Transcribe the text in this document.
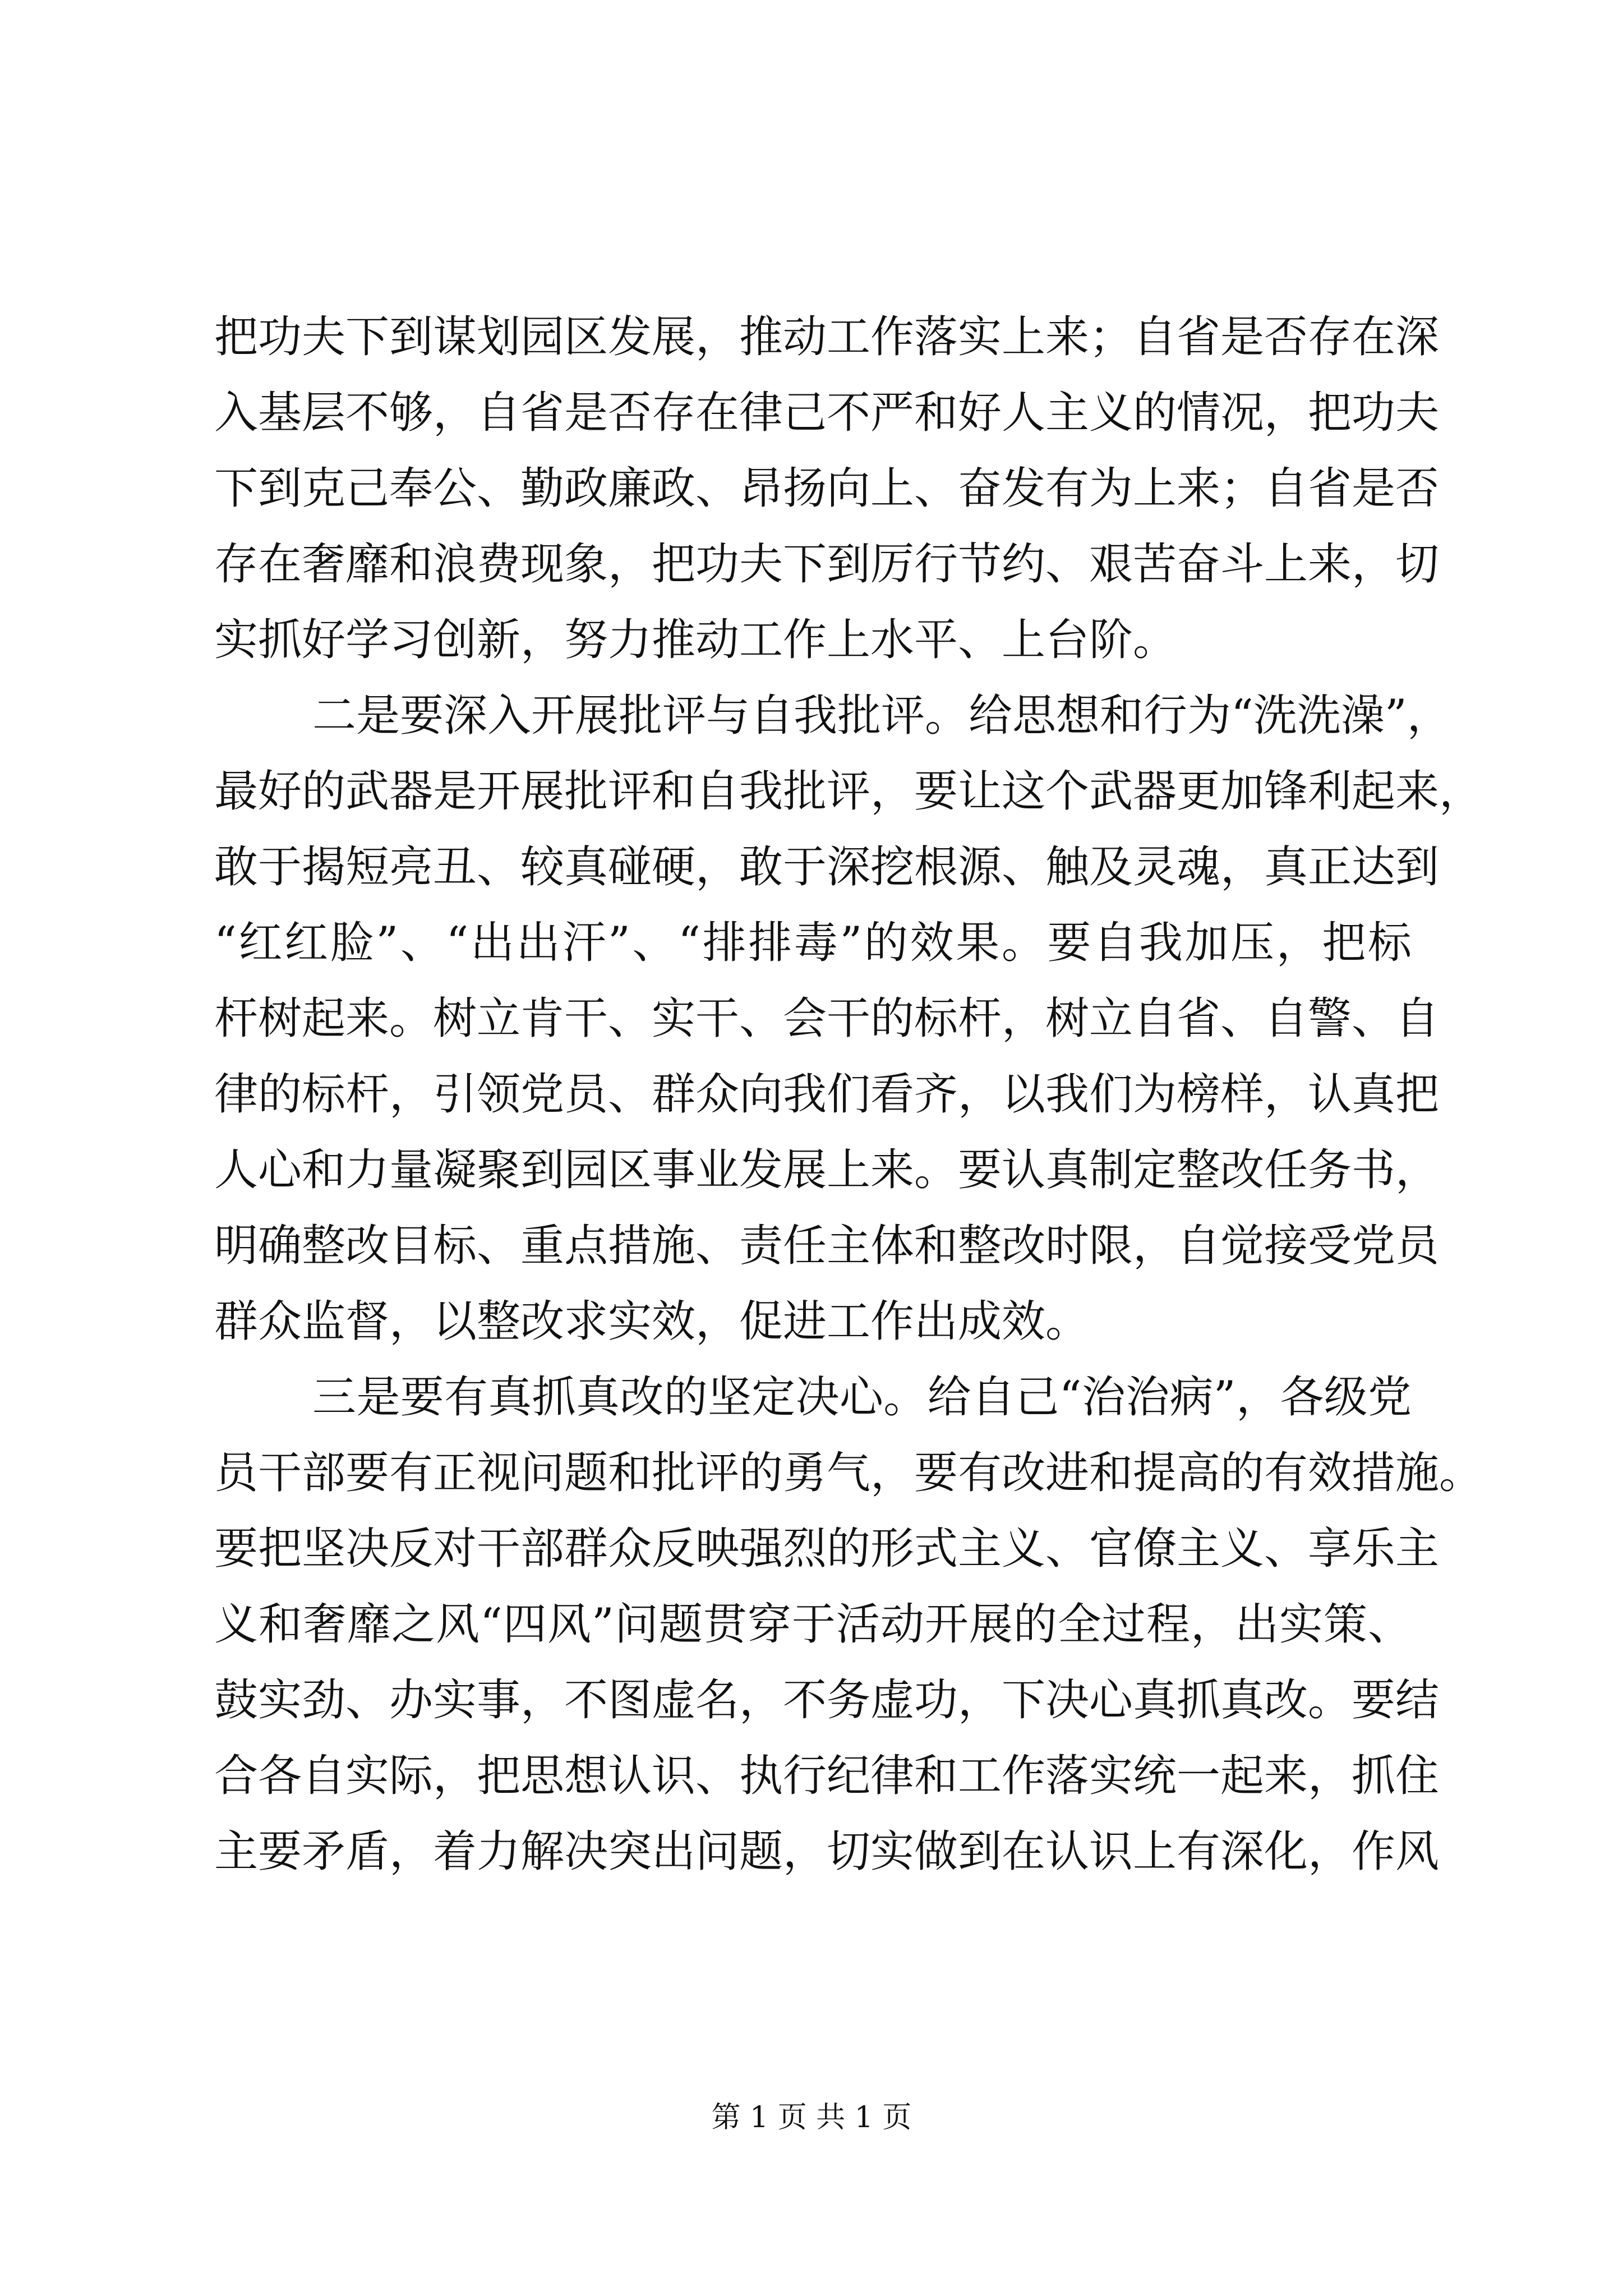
把功夫下到谋划园区发展，推动工作落实上来；自省是否存在深
入基层不够，自省是否存在律己不严和好人主义的情况，把功夫
下到克己奉公、勤政廉政、昂扬向上、奋发有为上来；自省是否
存在奢靡和浪费现象，把功夫下到厉行节约、艰苦奋斗上来，切
实抓好学习创新，努力推动工作上水平、上台阶。
二是要深入开展批评与自我批评。给思想和行为“洗洗澡”，
最好的武器是开展批评和自我批评，要让这个武器更加锋利起来，
敢于揭短亮丑、较真碰硬，敢于深挖根源、触及灵魂，真正达到
“红红脸”、“出出汗”、“排排毒”的效果。要自我加压，把标
杆树起来。树立肯干、实干、会干的标杆，树立自省、自警、自
律的标杆，引领党员、群众向我们看齐，以我们为榜样，认真把
人心和力量凝聚到园区事业发展上来。要认真制定整改任务书，
明确整改目标、重点措施、责任主体和整改时限，自觉接受党员
群众监督，以整改求实效，促进工作出成效。
三是要有真抓真改的坚定决心。给自己“治治病”，各级党
员干部要有正视问题和批评的勇气，要有改进和提高的有效措施。
要把坚决反对干部群众反映强烈的形式主义、官僚主义、享乐主
义和奢靡之风“四风”问题贯穿于活动开展的全过程，出实策、
鼓实劲、办实事，不图虚名，不务虚功，下决心真抓真改。要结
合各自实际，把思想认识、执行纪律和工作落实统一起来，抓住
主要矛盾，着力解决突出问题，切实做到在认识上有深化，作风
第 1 页 共 1 页
